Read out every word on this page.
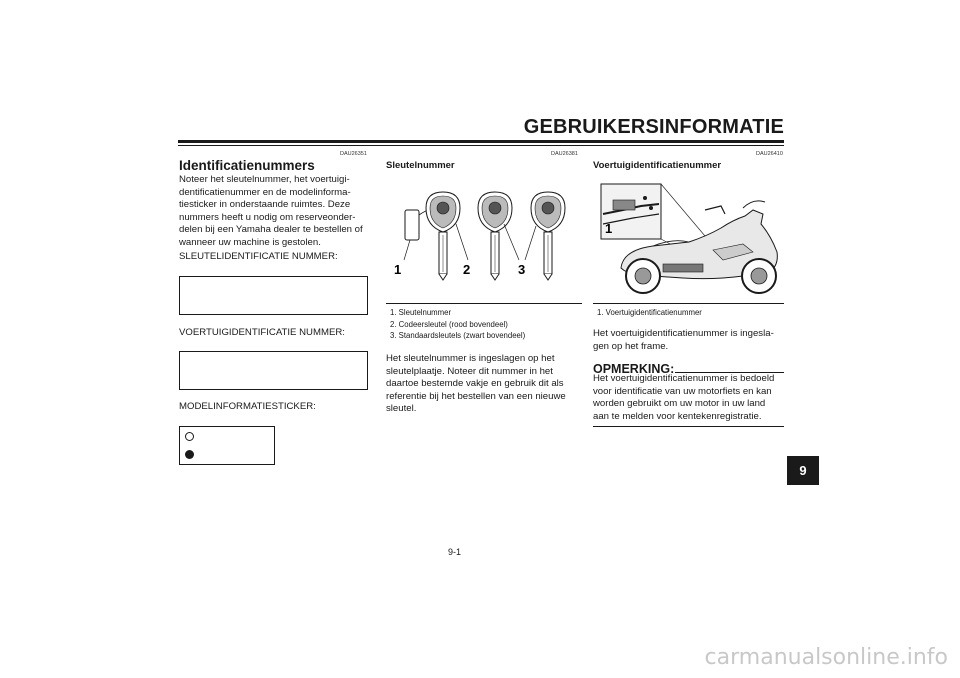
GEBRUIKERSINFORMATIE
DAU26351
Identificatienummers

Noteer het sleutelnummer, het voertuigi-

dentificatienummer en de modelinforma-

tiesticker in onderstaande ruimtes. Deze

nummers heeft u nodig om reserveonder-

delen bij een Yamaha dealer te bestellen of

wanneer uw machine is gestolen.

SLEUTELIDENTIFICATIE NUMMER:
VOERTUIGIDENTIFICATIE NUMMER:
MODELINFORMATIESTICKER:
DAU26381
Sleutelnummer
1	2	3
1. Sleutelnummer
2. Codeersleutel (rood bovendeel)
3. Standaardsleutels (zwart bovendeel)

Het sleutelnummer is ingeslagen op het

sleutelplaatje. Noteer dit nummer in het

daartoe bestemde vakje en gebruik dit als

referentie bij het bestellen van een nieuwe

sleutel.

DAU26410
Voertuigidentificatienummer
1
1. Voertuigidentificatienummer

Het voertuigidentificatienummer is ingesla-

gen op het frame.

OPMERKING:

Het voertuigidentificatienummer is bedoeld

voor identificatie van uw motorfiets en kan

worden gebruikt om uw motor in uw land

aan te melden voor kentekenregistratie.

9
9-1
carmanualsonline.info
